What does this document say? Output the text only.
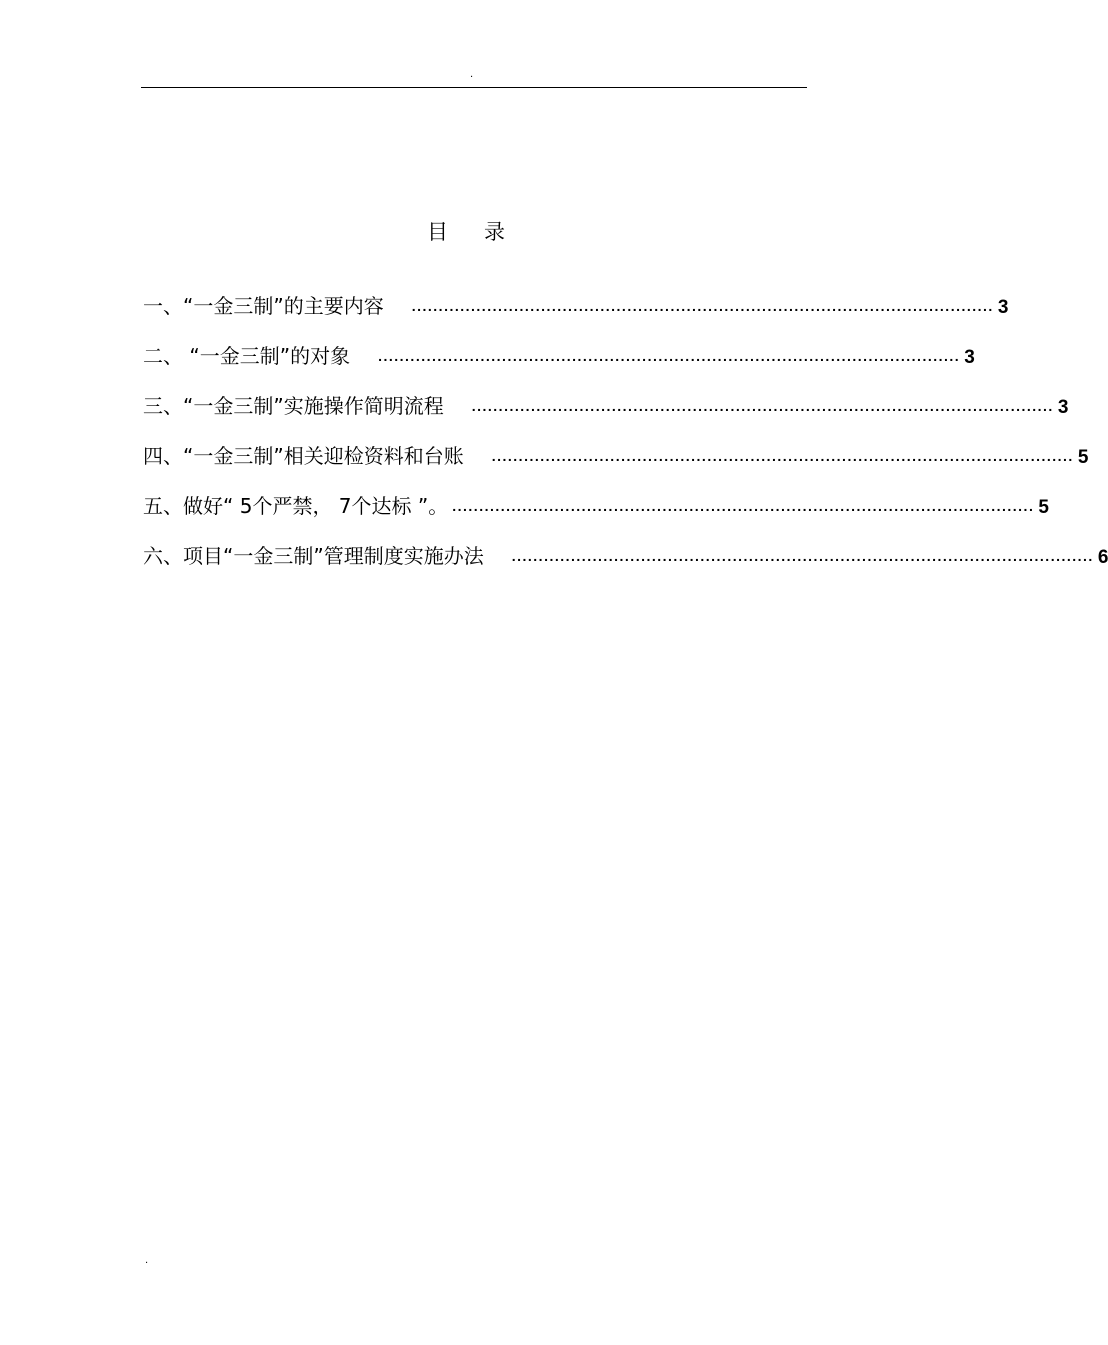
.
目录
一、“一金三制”的主要内容 ............................................................................................................ 3
二、 “一金三制”的对象 ............................................................................................................ 3
三、“一金三制”实施操作简明流程 ............................................................................................................ 3
四、“一金三制”相关迎检资料和台账 ............................................................................................................ 5
五、做好“ 5个严禁， 7个达标 ”。 ............................................................................................................ 5
六、项目“一金三制”管理制度实施办法 ............................................................................................................ 6
.
